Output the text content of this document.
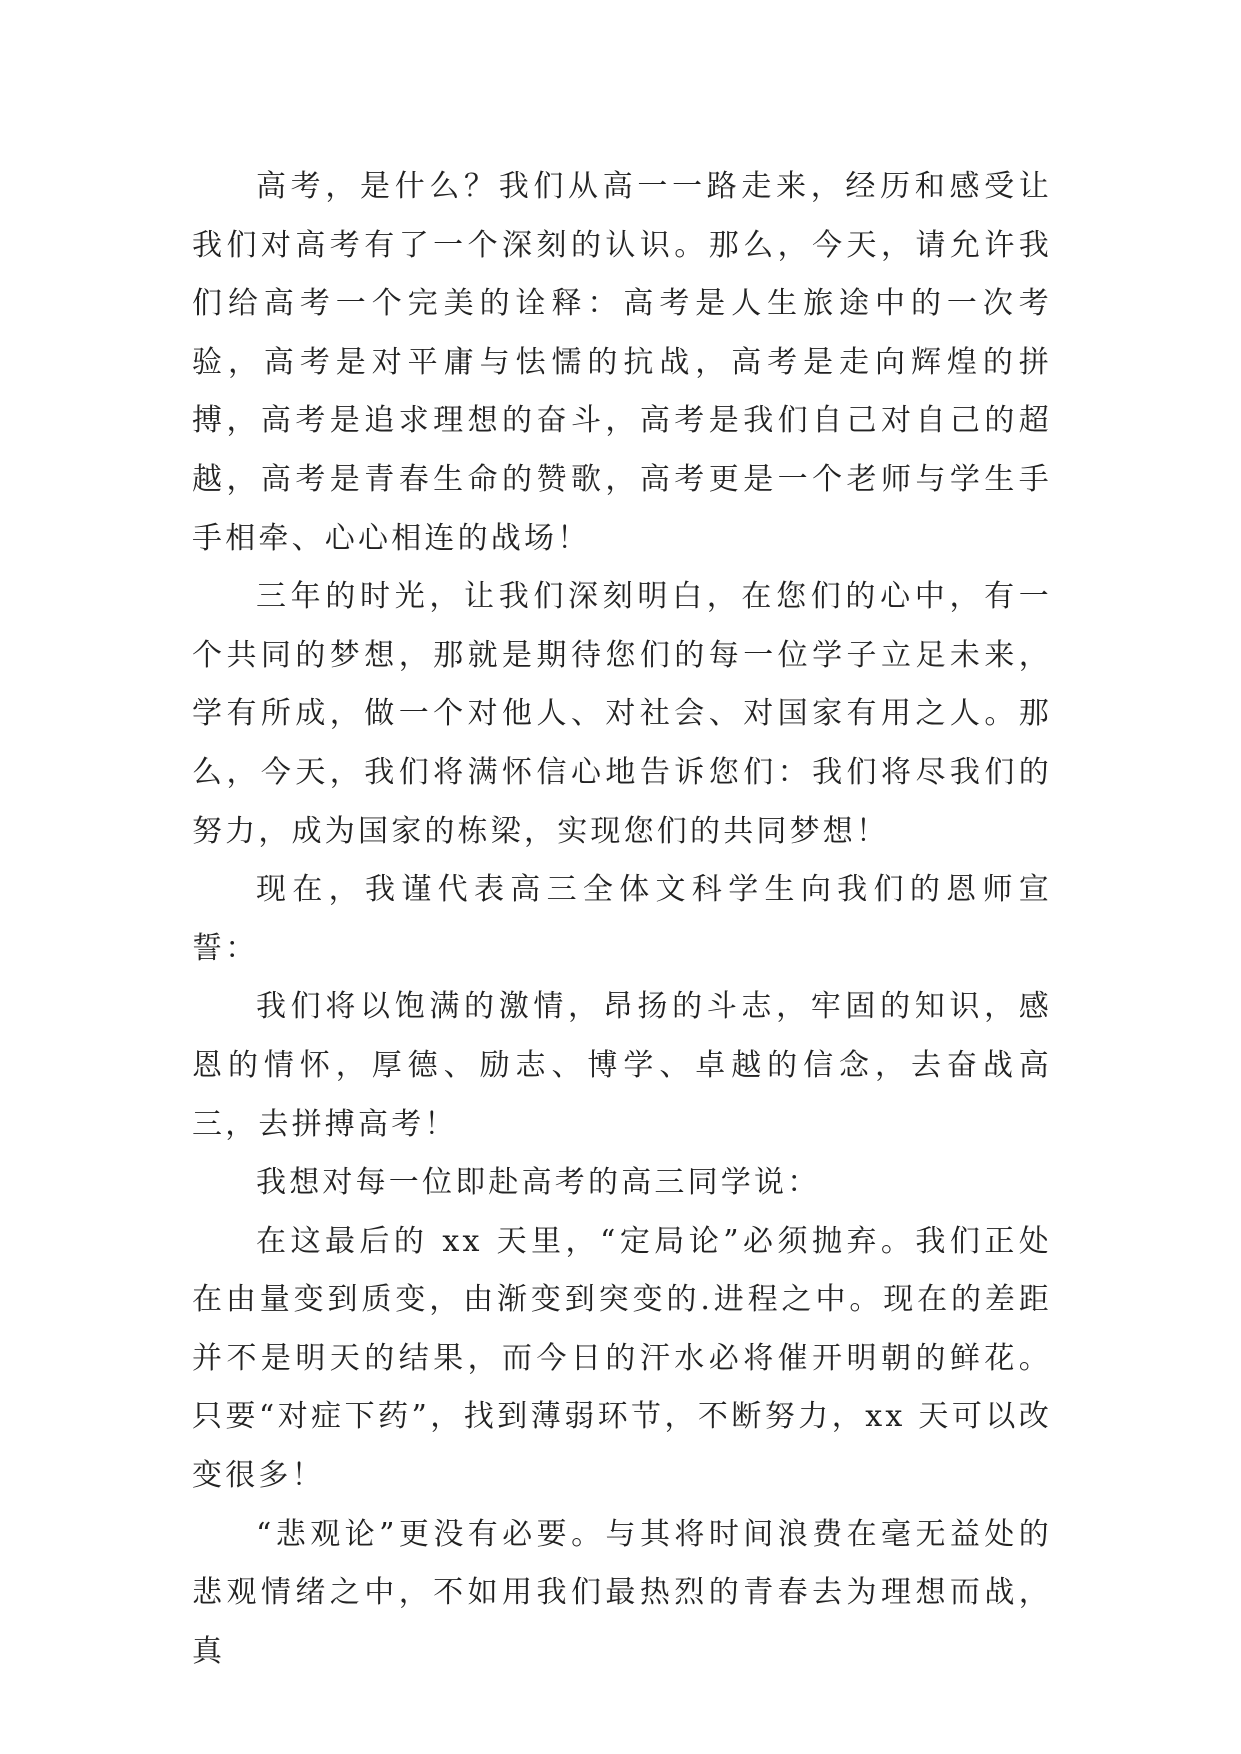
高考，是什么？我们从高一一路走来，经历和感受让我们对高考有了一个深刻的认识。那么，今天，请允许我们给高考一个完美的诠释：高考是人生旅途中的一次考验，高考是对平庸与怯懦的抗战，高考是走向辉煌的拼搏，高考是追求理想的奋斗，高考是我们自己对自己的超越，高考是青春生命的赞歌，高考更是一个老师与学生手手相牵、心心相连的战场！

三年的时光，让我们深刻明白，在您们的心中，有一个共同的梦想，那就是期待您们的每一位学子立足未来，学有所成，做一个对他人、对社会、对国家有用之人。那么，今天，我们将满怀信心地告诉您们：我们将尽我们的努力，成为国家的栋梁，实现您们的共同梦想！

现在，我谨代表高三全体文科学生向我们的恩师宣誓：

我们将以饱满的激情，昂扬的斗志，牢固的知识，感恩的情怀，厚德、励志、博学、卓越的信念，去奋战高三，去拼搏高考！

我想对每一位即赴高考的高三同学说：

在这最后的 xx 天里，“定局论”必须抛弃。我们正处在由量变到质变，由渐变到突变的.进程之中。现在的差距并不是明天的结果，而今日的汗水必将催开明朝的鲜花。只要“对症下药”，找到薄弱环节，不断努力，xx 天可以改变很多！

“悲观论”更没有必要。与其将时间浪费在毫无益处的悲观情绪之中，不如用我们最热烈的青春去为理想而战，真
